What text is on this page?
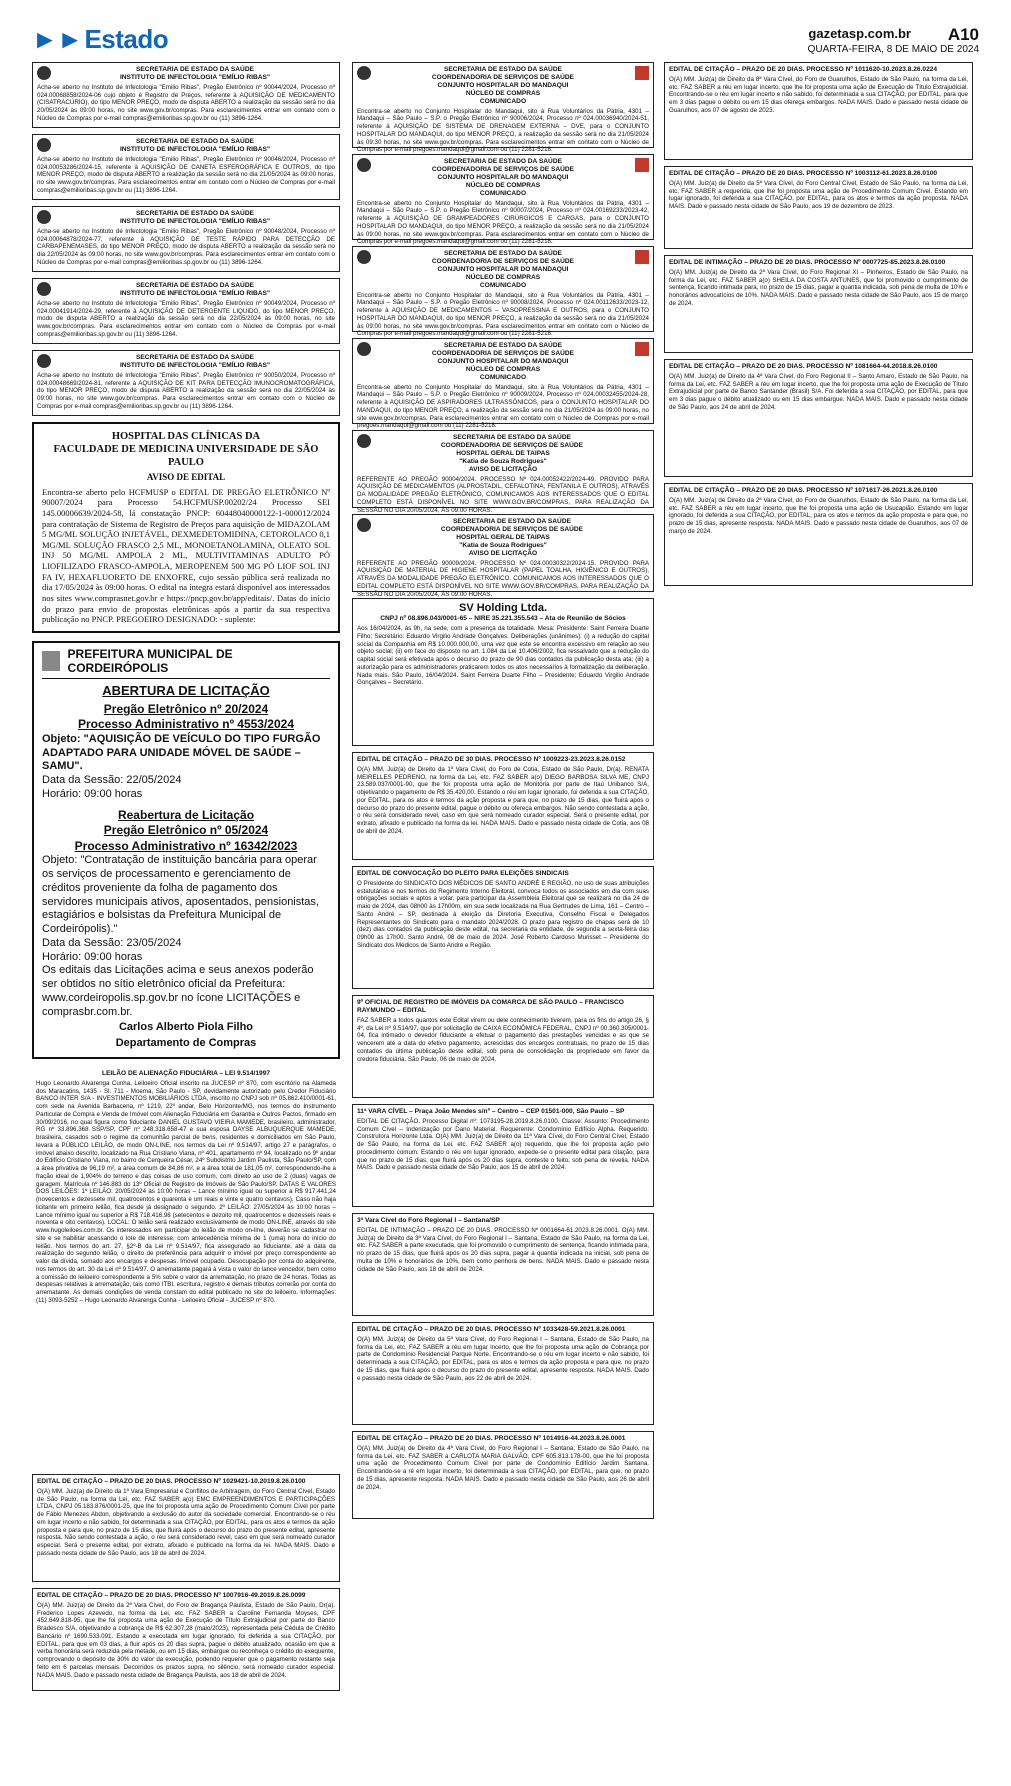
►►Estado	gazetasp.com.br A10
QUARTA-FEIRA, 8 DE MAIO DE 2024
SECRETARIA DE ESTADO DA SAÚDE
INSTITUTO DE INFECTOLOGIA "EMÍLIO RIBAS"
Acha-se aberto no Instituto de Infectologia "Emilio Ribas", Pregão Eletrônico nº 90044/2024, Processo nº 024.00068858/2024-06 cujo objeto é Registro de Preços, referente à AQUISIÇÃO DE MEDICAMENTO (CISATRACÚRIO), do tipo MENOR PREÇO, modo de disputa ABERTO a realização da sessão será no dia 20/05/2024 às 09:00 horas, no site www.gov.br/compras. Para esclarecimentos entrar em contato com o Núcleo de Compras por e-mail compras@emilioribas.sp.gov.br ou (11) 3896-1264.
SECRETARIA DE ESTADO DA SAÚDE
INSTITUTO DE INFECTOLOGIA "EMÍLIO RIBAS"
Acha-se aberto no Instituto de Infectologia "Emilio Ribas", Pregão Eletrônico nº 90046/2024, Processo nº 024.00053286/2024-15, referente à AQUISIÇÃO DE CANETA ESFEROGRÁFICA E OUTROS, do tipo MENOR PREÇO, modo de disputa ABERTO a realização da sessão será no dia 21/05/2024 às 09:00 horas, no site www.gov.br/compras. Para esclarecimentos entrar em contato com o Núcleo de Compras por e-mail compras@emilioribas.sp.gov.br ou (11) 3896-1264.
SECRETARIA DE ESTADO DA SAÚDE
INSTITUTO DE INFECTOLOGIA "EMÍLIO RIBAS"
Acha-se aberto no Instituto de Infectologia "Emilio Ribas", Pregão Eletrônico nº 90048/2024, Processo nº 024.00064878/2024-77, referente à AQUISIÇÃO DE TESTE RÁPIDO PARA DETECÇÃO DE CARBAPENEMASES, do tipo MENOR PREÇO, modo de disputa ABERTO a realização da sessão será no dia 22/05/2024 às 09:00 horas, no site www.gov.br/compras. Para esclarecimentos entrar em contato com o Núcleo de Compras por e-mail compras@emilioribas.sp.gov.br ou (11) 3896-1264.
SECRETARIA DE ESTADO DA SAÚDE
INSTITUTO DE INFECTOLOGIA "EMÍLIO RIBAS"
Acha-se aberto no Instituto de Infectologia "Emilio Ribas", Pregão Eletrônico nº 90049/2024, Processo nº 024.00041914/2024-29, referente à AQUISIÇÃO DE DETERGENTE LIQUIDO, do tipo MENOR PREÇO, modo de disputa ABERTO a realização da sessão será no dia 22/05/2024 às 09:00 horas, no site www.gov.br/compras. Para esclarecimentos entrar em contato com o Núcleo de Compras por e-mail compras@emilioribas.sp.gov.br ou (11) 3896-1264.
SECRETARIA DE ESTADO DA SAÚDE
INSTITUTO DE INFECTOLOGIA "EMÍLIO RIBAS"
Acha-se aberto no Instituto de Infectologia "Emilio Ribas", Pregão Eletrônico nº 90050/2024, Processo nº 024.00048669/2024-81, referente à AQUISIÇÃO DE KIT PARA DETECÇÃO IMUNOCROMATOGRÁFICA, do tipo MENOR PREÇO, modo de disputa ABERTO a realização da sessão será no dia 22/05/2024 às 09:00 horas, no site www.gov.br/compras. Para esclarecimentos entrar em contato com o Núcleo de Compras por e-mail compras@emilioribas.sp.gov.br ou (11) 3896-1264.
HOSPITAL DAS CLÍNICAS DA
FACULDADE DE MEDICINA UNIVERSIDADE DE SÃO PAULO
AVISO DE EDITAL
Encontra-se aberto pelo HCFMUSP o EDITAL DE PREGÃO ELETRÔNICO Nº 90007/2024 para Processo 54.HCFMUSP.00202/24 Processo SEI 145.00006639/2024-58, lá constatação PNCP: 60448040000122-1-000012/2024 para contratação de Sistema de Registro de Preços para aquisição de MIDAZOLAM 5 MG/ML SOLUÇÃO INJETÁVEL, DEXMEDETOMIDINA, CETOROLACO 0,1 MG/ML SOLUÇÃO FRASCO 2,5 ML, MONOETANOLAMINA, OLEATO SOL INJ 50 MG/ML AMPOLA 2 ML, MULTIVITAMINAS ADULTO PÓ LIOFILIZADO FRASCO-AMPOLA, MEROPENEM 500 MG PÓ LIOF SOL INJ FA IV, HEXAFLUORETO DE ENXOFRE, cujo sessão pública será realizada no dia 17/05/2024 às 09:00 horas. O edital na íntegra estará disponível aos interessados nos sites www.comprasnet.gov.br e https://pncp.gov.br/app/editais/. Datas do início do prazo para envio de propostas eletrônicas após a partir da sua respectiva publicação no PNCP. PREGOEIRO DESIGNADO: - suplente:
PREFEITURA MUNICIPAL DE CORDEIRÓPOLIS
ABERTURA DE LICITAÇÃO
Pregão Eletrônico nº 20/2024
Processo Administrativo nº 4553/2024
Objeto: "AQUISIÇÃO DE VEÍCULO DO TIPO FURGÃO ADAPTADO PARA UNIDADE MÓVEL DE SAÚDE – SAMU".
Data da Sessão: 22/05/2024
Horário: 09:00 horas
Reabertura de Licitação
Pregão Eletrônico nº 05/2024
Processo Administrativo nº 16342/2023
Objeto: "Contratação de instituição bancária para operar os serviços de processamento e gerenciamento de créditos proveniente da folha de pagamento dos servidores municipais ativos, aposentados, pensionistas, estagiários e bolsistas da Prefeitura Municipal de Cordeirópolis)."
Data da Sessão: 23/05/2024
Horário: 09:00 horas
Os editais das Licitações acima e seus anexos poderão ser obtidos no sítio eletrônico oficial da Prefeitura: www.cordeiropolis.sp.gov.br no ícone LICITAÇÕES e comprasbr.com.br.
Carlos Alberto Piola Filho
Departamento de Compras
LEILÃO DE ALIENAÇÃO FIDUCIÁRIA – LEI 9.514/1997
Hugo Leonardo Alvarenga Cunha, Leiloeiro Oficial inscrito na JUCESP nº 870, com escritório na Alameda dos Maracatins, 1435 - Sl. 711 - Moema, São Paulo - SP, devidamente autorizado pelo Credor Fiduciário BANCO INTER S/A - INVESTIMENTOS MOBILIÁRIOS LTDA, inscrito no CNPJ sob nº 05.862.410/0001-61, com sede na Avenida Barbacena, nº 1219, 22º andar, Belo Horizonte/MG, nos termos do Instrumento Particular de Compra e Venda de Imóvel com Alienação Fiduciária em Garantia e Outros Pactos, firmado em 30/09/2016, no qual figura como fiduciante DANIEL GUSTAVO VIEIRA MAMEDE, brasileiro, administrador, RG nº 33.896.368 SSP/SP, CPF nº 248.318.658-47 e sua esposa DAYSE ALBUQUERQUE MAMEDE, brasileira, casados sob o regime da comunhão parcial de bens, residentes e domiciliados em São Paulo, levará a PÚBLICO LEILÃO, de modo ON-LINE, nos termos da Lei nº 9.514/97, artigo 27 e parágrafos, o imóvel abaixo descrito, localizado na Rua Cristiano Viana, nº 401, apartamento nº 94, localizado no 9º andar do Edifício Cristiano Viana, no bairro de Cerqueira César, 24º Subdistrito Jardim Paulista, São Paulo/SP, com a área privativa de 96,19 m², a área comum de 84,86 m², e a área total de 181,05 m², correspondendo-lhe a fração ideal de 1,904% do terreno e das coisas de uso comum, com direito ao uso de 2 (duas) vagas de garagem. Matrícula nº 146.883 do 13º Oficial de Registro de Imóveis de São Paulo/SP. DATAS E VALORES DOS LEILÕES: 1º LEILÃO: 20/05/2024 às 10:00 horas – Lance mínimo igual ou superior a R$ 917.441,24 (novecentos e dezessete mil, quatrocentos e quarenta e um reais e vinte e quatro centavos). Caso não haja licitante em primeiro leilão, fica desde já designado o segundo. 2º LEILÃO: 27/05/2024 às 10:00 horas – Lance mínimo igual ou superior a R$ 718.416,98 (setecentos e dezoito mil, quatrocentos e dezesseis reais e noventa e oito centavos). LOCAL: O leilão será realizado exclusivamente de modo ON-LINE, através do site www.hugoleiloes.com.br. Os interessados em participar do leilão de modo on-line, deverão se cadastrar no site e se habilitar acessando o lote de interesse, com antecedência mínima de 1 (uma) hora do início do leilão. Nos termos do art. 27, §2º-B da Lei nº 9.514/97, fica assegurado ao fiduciante, até a data da realização do segundo leilão, o direito de preferência para adquirir o imóvel por preço correspondente ao valor da dívida, somado aos encargos e despesas. Imóvel ocupado. Desocupação por conta do adquirente, nos termos do art. 30 da Lei nº 9.514/97. O arrematante pagará à vista o valor do lance vencedor, bem como a comissão do leiloeiro correspondente a 5% sobre o valor da arrematação, no prazo de 24 horas. Todas as despesas relativas à arrematação, tais como ITBI, escritura, registro e demais tributos correrão por conta do arrematante. As demais condições de venda constam do edital publicado no site do leiloeiro. Informações: (11) 3093-5252 – Hugo Leonardo Alvarenga Cunha - Leiloeiro Oficial - JUCESP nº 870.
EDITAL DE CITAÇÃO – PRAZO DE 20 DIAS. PROCESSO Nº 1029421-10.2019.8.26.0100
O(A) MM. Juiz(a) de Direito da 1ª Vara Empresarial e Conflitos de Arbitragem, do Foro Central Cível, Estado de São Paulo, na forma da Lei, etc. FAZ SABER a(o) EMC EMPREENDIMENTOS E PARTICIPAÇÕES LTDA, CNPJ 05.183.876/0001-25, que lhe foi proposta uma ação de Procedimento Comum Cível por parte de Fábio Menezes Abdon, objetivando a exclusão do autor da sociedade comercial. Encontrando-se o réu em lugar incerto e não sabido, foi determinada a sua CITAÇÃO, por EDITAL, para os atos e termos da ação proposta e para que, no prazo de 15 dias, que fluirá após o decurso do prazo do presente edital, apresente resposta. Não sendo contestada a ação, o réu será considerado revel, caso em que será nomeado curador especial. Será o presente edital, por extrato, afixado e publicado na forma da lei. NADA MAIS. Dado e passado nesta cidade de São Paulo, aos 18 de abril de 2024.
EDITAL DE CITAÇÃO – PRAZO DE 20 DIAS. PROCESSO Nº 1007916-49.2019.8.26.0099
O(A) MM. Juiz(a) de Direito da 2ª Vara Cível, do Foro de Bragança Paulista, Estado de São Paulo, Dr(a). Frederico Lopes Azevedo, na forma da Lei, etc. FAZ SABER a Caroline Fernanda Moyses, CPF 452.649.818-95, que lhe foi proposta uma ação de Execução de Título Extrajudicial por parte do Banco Bradesco S/A, objetivando a cobrança de R$ 62.307,28 (maio/2023), representada pela Cédula de Crédito Bancário nº 1690.533.091. Estando a executada em lugar ignorado, foi deferida a sua CITAÇÃO, por EDITAL, para que em 03 dias, a fluir após os 20 dias supra, pague o débito atualizado, ocasião em que a verba honorária será reduzida pela metade, ou em 15 dias, embargue ou reconheça o crédito do exequente, comprovando o depósito de 30% do valor da execução, podendo requerer que o pagamento restante seja feito em 6 parcelas mensais. Decorridos os prazos supra, no silêncio, será nomeado curador especial. NADA MAIS. Dado e passado nesta cidade de Bragança Paulista, aos 18 de abril de 2024.
SECRETARIA DE ESTADO DA SAÚDE
COORDENADORIA DE SERVIÇOS DE SAÚDE
CONJUNTO HOSPITALAR DO MANDAQUI
NÚCLEO DE COMPRAS
COMUNICADO
Encontra-se aberto no Conjunto Hospitalar do Mandaqui, sito à Rua Voluntários da Pátria, 4301 – Mandaqui – São Paulo – S.P. o Pregão Eletrônico nº 90006/2024, Processo nº 024.00036940/2024-51, referente à AQUISIÇÃO DE SISTEMA DE DRENAGEM EXTERNA – DVE, para o CONJUNTO HOSPITALAR DO MANDAQUI, do tipo MENOR PREÇO, a realização da sessão será no dia 21/05/2024 às 09:30 horas, no site www.gov.br/compras. Para esclarecimentos entrar em contato com o Núcleo de Compras por e-mail pregoes.mandaqui@gmail.com ou (11) 2281-5218.
SECRETARIA DE ESTADO DA SAÚDE
COORDENADORIA DE SERVIÇOS DE SAÚDE
CONJUNTO HOSPITALAR DO MANDAQUI
NÚCLEO DE COMPRAS
COMUNICADO
Encontra-se aberto no Conjunto Hospitalar do Mandaqui, sito à Rua Voluntários da Pátria, 4301 – Mandaqui – São Paulo – S.P. o Pregão Eletrônico nº 90007/2024, Processo nº 024.00169233/2023-42, referente à AQUISIÇÃO DE GRAMPEADORES CIRÚRGICOS E CARGAS, para o CONJUNTO HOSPITALAR DO MANDAQUI, do tipo MENOR PREÇO, a realização da sessão será no dia 21/05/2024 às 09:00 horas, no site www.gov.br/compras. Para esclarecimentos entrar em contato com o Núcleo de Compras por e-mail pregoes.mandaqui@gmail.com ou (11) 2281-5218.
SECRETARIA DE ESTADO DA SAÚDE
COORDENADORIA DE SERVIÇOS DE SAÚDE
CONJUNTO HOSPITALAR DO MANDAQUI
NÚCLEO DE COMPRAS
COMUNICADO
Encontra-se aberto no Conjunto Hospitalar do Mandaqui, sito à Rua Voluntários da Pátria, 4301 – Mandaqui – São Paulo – S.P. o Pregão Eletrônico nº 90008/2024, Processo nº 024.00112633/2023-12, referente à AQUISIÇÃO DE MEDICAMENTOS – VASOPRESSINA E OUTROS, para o CONJUNTO HOSPITALAR DO MANDAQUI, do tipo MENOR PREÇO, a realização da sessão será no dia 21/05/2024 às 09:00 horas, no site www.gov.br/compras. Para esclarecimentos entrar em contato com o Núcleo de Compras por e-mail pregoes.mandaqui@gmail.com ou (11) 2281-5218.
SECRETARIA DE ESTADO DA SAÚDE
COORDENADORIA DE SERVIÇOS DE SAÚDE
CONJUNTO HOSPITALAR DO MANDAQUI
NÚCLEO DE COMPRAS
COMUNICADO
Encontra-se aberto no Conjunto Hospitalar do Mandaqui, sito à Rua Voluntários da Pátria, 4301 – Mandaqui – São Paulo – S.P. o Pregão Eletrônico nº 90009/2024, Processo nº 024.00032455/2024-28, referente à AQUISIÇÃO DE ASPIRADORES ULTRASSÔNICOS, para o CONJUNTO HOSPITALAR DO MANDAQUI, do tipo MENOR PREÇO, a realização da sessão será no dia 21/05/2024 às 09:00 horas, no site www.gov.br/compras. Para esclarecimentos entrar em contato com o Núcleo de Compras por e-mail pregoes.mandaqui@gmail.com ou (11) 2281-5218.
SECRETARIA DE ESTADO DA SAÚDE
COORDENADORIA DE SERVIÇOS DE SAÚDE
HOSPITAL GERAL DE TAIPAS
"Katia de Souza Rodrigues"
AVISO DE LICITAÇÃO
REFERENTE AO PREGÃO 90004/2024. PROCESSO Nº 024.00052422/2024-49. PROVIDO PARA AQUISIÇÃO DE MEDICAMENTOS (ALPROSTADIL, CEFALOTINA, FENTANILA E OUTROS), ATRAVÉS DA MODALIDADE PREGÃO ELETRÔNICO, COMUNICAMOS AOS INTERESSADOS QUE O EDITAL COMPLETO ESTÁ DISPONÍVEL NO SITE WWW.GOV.BR/COMPRAS, PARA REALIZAÇÃO DA SESSÃO NO DIA 20/05/2024, ÀS 09:00 HORAS.
SECRETARIA DE ESTADO DA SAÚDE
COORDENADORIA DE SERVIÇOS DE SAÚDE
HOSPITAL GERAL DE TAIPAS
"Katia de Souza Rodrigues"
AVISO DE LICITAÇÃO
REFERENTE AO PREGÃO 90009/2024. PROCESSO Nº 024.00030322/2024-15. PROVIDO PARA AQUISIÇÃO DE MATERIAL DE HIGIENE HOSPITALAR (PAPEL TOALHA, HIGIÊNICO E OUTROS), ATRAVÉS DA MODALIDADE PREGÃO ELETRÔNICO. COMUNICAMOS AOS INTERESSADOS QUE O EDITAL COMPLETO ESTÁ DISPONÍVEL NO SITE WWW.GOV.BR/COMPRAS, PARA REALIZAÇÃO DA SESSÃO NO DIA 20/05/2024, ÀS 09:00 HORAS.
SV Holding Ltda.
CNPJ nº 08.896.043/0001-65 – NIRE 35.221.355.543 – Ata de Reunião de Sócios
Aos 16/04/2024, às 9h, na sede, com a presença da totalidade. Mesa: Presidente: Saint Ferreira Duarte Filho; Secretário: Eduardo Virgilio Andrade Gonçalves. Deliberações (unânimes): (i) a redução do capital social da Companhia em R$ 10.000.000,00, uma vez que este se encontra excessivo em relação ao seu objeto social; (ii) em face do disposto no art. 1.084 da Lei 10.406/2002, fica ressalvado que a redução do capital social será efetivada após o decurso do prazo de 90 dias contados da publicação desta ata; (iii) a autorização para os administradores praticarem todos os atos necessários à formalização da deliberação. Nada mais. São Paulo, 16/04/2024. Saint Ferreira Duarte Filho – Presidente; Eduardo Virgilio Andrade Gonçalves – Secretário.
EDITAL DE CITAÇÃO – PRAZO DE 30 DIAS. PROCESSO Nº 1009223-23.2023.8.26.0152
O(A) MM. Juiz(a) de Direito da 1ª Vara Cível, do Foro de Cotia, Estado de São Paulo, Dr(a). RENATA MEIRELLES PEDRENO, na forma da Lei, etc. FAZ SABER a(o) DIEGO BARBOSA SILVA ME, CNPJ 23.589.037/0001-90, que lhe foi proposta uma ação de Monitória por parte de Itaú Unibanco S/A, objetivando o pagamento de R$ 35.420,00. Estando o réu em lugar ignorado, foi deferida a sua CITAÇÃO, por EDITAL, para os atos e termos da ação proposta e para que, no prazo de 15 dias, que fluirá após o decurso do prazo do presente edital, pague o débito ou ofereça embargos. Não sendo contestada a ação, o réu será considerado revel, caso em que será nomeado curador especial. Será o presente edital, por extrato, afixado e publicado na forma da lei. NADA MAIS. Dado e passado nesta cidade de Cotia, aos 08 de abril de 2024.
EDITAL DE CONVOCAÇÃO DO PLEITO PARA ELEIÇÕES SINDICAIS
O Presidente do SINDICATO DOS MÉDICOS DE SANTO ANDRÉ E REGIÃO, no uso de suas atribuições estatutárias e nos termos do Regimento Interno Eleitoral, convoca todos os associados em dia com suas obrigações sociais e aptos a votar, para participar da Assembleia Eleitoral que se realizará no dia 24 de maio de 2024, das 08h00 às 17h00m, em sua sede localizada na Rua Gertrudes de Lima, 161 – Centro – Santo André – SP, destinada à eleição da Diretoria Executiva, Conselho Fiscal e Delegados Representantes do Sindicato para o mandato 2024/2028. O prazo para registro de chapas será de 10 (dez) dias contados da publicação deste edital, na secretaria da entidade, de segunda a sexta-feira das 09h00 às 17h00. Santo André, 08 de maio de 2024. José Roberto Cardoso Murisset – Presidente do Sindicato dos Médicos de Santo André e Região.
9º OFICIAL DE REGISTRO DE IMÓVEIS DA COMARCA DE SÃO PAULO – FRANCISCO RAYMUNDO – EDITAL
FAZ SABER a todos quantos este Edital virem ou dele conhecimento tiverem, para os fins do artigo 26, § 4º, da Lei nº 9.514/97, que por solicitação de CAIXA ECONÔMICA FEDERAL, CNPJ nº 00.360.305/0001-04, fica intimado o devedor fiduciante a efetuar o pagamento das prestações vencidas e as que se vencerem até a data do efetivo pagamento, acrescidas dos encargos contratuais, no prazo de 15 dias contados da última publicação deste edital, sob pena de consolidação da propriedade em favor da credora fiduciária. São Paulo, 06 de maio de 2024.
11ª VARA CÍVEL – Praça João Mendes s/nº – Centro – CEP 01501-000, São Paulo – SP
EDITAL DE CITAÇÃO. Processo Digital nº: 1073195-28.2019.8.26.0100. Classe: Assunto: Procedimento Comum Cível – Indenização por Dano Material. Requerente: Condomínio Edifício Alpha. Requerido: Construtora Horizonte Ltda. O(A) MM. Juiz(a) de Direito da 11ª Vara Cível, do Foro Central Cível, Estado de São Paulo, na forma da Lei, etc. FAZ SABER a(o) requerido, que lhe foi proposta ação pelo procedimento comum. Estando o réu em lugar ignorado, expede-se o presente edital para citação, para que no prazo de 15 dias, que fluirá após os 20 dias supra, conteste o feito, sob pena de revelia. NADA MAIS. Dado e passado nesta cidade de São Paulo, aos 15 de abril de 2024.
3ª Vara Cível do Foro Regional I – Santana/SP
EDITAL DE INTIMAÇÃO – PRAZO DE 20 DIAS. PROCESSO Nº 0001664-61.2023.8.26.0001. O(A) MM. Juiz(a) de Direito da 3ª Vara Cível, do Foro Regional I – Santana, Estado de São Paulo, na forma da Lei, etc. FAZ SABER a parte executada, que foi promovido o cumprimento de sentença, ficando intimada para, no prazo de 15 dias, que fluirá após os 20 dias supra, pagar a quantia indicada na inicial, sob pena de multa de 10% e honorários de 10%, bem como penhora de bens. NADA MAIS. Dado e passado nesta cidade de São Paulo, aos 18 de abril de 2024.
EDITAL DE CITAÇÃO – PRAZO DE 20 DIAS. PROCESSO Nº 1033428-59.2021.8.26.0001
O(A) MM. Juiz(a) de Direito da 5ª Vara Cível, do Foro Regional I – Santana, Estado de São Paulo, na forma da Lei, etc. FAZ SABER a réu em lugar incerto, que lhe foi proposta uma ação de Cobrança por parte de Condomínio Residencial Parque Norte. Encontrando-se o réu em lugar incerto e não sabido, foi determinada a sua CITAÇÃO, por EDITAL, para os atos e termos da ação proposta e para que, no prazo de 15 dias, que fluirá após o decurso do prazo do presente edital, apresente resposta. NADA MAIS. Dado e passado nesta cidade de São Paulo, aos 22 de abril de 2024.
EDITAL DE CITAÇÃO – PRAZO DE 20 DIAS. PROCESSO Nº 1014916-44.2023.8.26.0001
O(A) MM. Juiz(a) de Direito da 4ª Vara Cível, do Foro Regional I – Santana, Estado de São Paulo, na forma da Lei, etc. FAZ SABER a CARLOTA MARIA GALVÃO, CPF 605.813.178-00, que lhe foi proposta uma ação de Procedimento Comum Cível por parte de Condomínio Edifício Jardim Santana. Encontrando-se a ré em lugar incerto, foi determinada a sua CITAÇÃO, por EDITAL, para que, no prazo de 15 dias, apresente resposta. NADA MAIS. Dado e passado nesta cidade de São Paulo, aos 26 de abril de 2024.
EDITAL DE CITAÇÃO – PRAZO DE 20 DIAS. PROCESSO Nº 1011620-10.2023.8.26.0224
O(A) MM. Juiz(a) de Direito da 8ª Vara Cível, do Foro de Guarulhos, Estado de São Paulo, na forma da Lei, etc. FAZ SABER a réu em lugar incerto, que lhe foi proposta uma ação de Execução de Título Extrajudicial. Encontrando-se o réu em lugar incerto e não sabido, foi determinada a sua CITAÇÃO, por EDITAL, para que em 3 dias pague o débito ou em 15 dias ofereça embargos. NADA MAIS. Dado e passado nesta cidade de Guarulhos, aos 07 de agosto de 2023.
EDITAL DE CITAÇÃO – PRAZO DE 20 DIAS. PROCESSO Nº 1003112-61.2023.8.26.0100
O(A) MM. Juiz(a) de Direito da 5ª Vara Cível, do Foro Central Cível, Estado de São Paulo, na forma da Lei, etc. FAZ SABER a requerida, que lhe foi proposta uma ação de Procedimento Comum Cível. Estando em lugar ignorado, foi deferida a sua CITAÇÃO, por EDITAL, para os atos e termos da ação proposta. NADA MAIS. Dado e passado nesta cidade de São Paulo, aos 19 de dezembro de 2023.
EDITAL DE INTIMAÇÃO – PRAZO DE 20 DIAS. PROCESSO Nº 0007725-85.2023.8.26.0100
O(A) MM. Juiz(a) de Direito da 2ª Vara Cível, do Foro Regional XI – Pinheiros, Estado de São Paulo, na forma da Lei, etc. FAZ SABER a(o) SHEILA DA COSTA ANTUNES, que foi promovido o cumprimento de sentença, ficando intimada para, no prazo de 15 dias, pagar a quantia indicada, sob pena de multa de 10% e honorários advocatícios de 10%. NADA MAIS. Dado e passado nesta cidade de São Paulo, aos 15 de março de 2024.
EDITAL DE CITAÇÃO – PRAZO DE 20 DIAS. PROCESSO Nº 1081664-44.2018.8.26.0100
O(A) MM. Juiz(a) de Direito da 4ª Vara Cível, do Foro Regional II – Santo Amaro, Estado de São Paulo, na forma da Lei, etc. FAZ SABER a réu em lugar incerto, que lhe foi proposta uma ação de Execução de Título Extrajudicial por parte de Banco Santander (Brasil) S/A. Foi deferida a sua CITAÇÃO, por EDITAL, para que em 3 dias pague o débito atualizado ou em 15 dias embargue. NADA MAIS. Dado e passado nesta cidade de São Paulo, aos 24 de abril de 2024.
EDITAL DE CITAÇÃO – PRAZO DE 20 DIAS. PROCESSO Nº 1071617-26.2021.8.26.0100
O(A) MM. Juiz(a) de Direito da 2ª Vara Cível, do Foro de Guarulhos, Estado de São Paulo, na forma da Lei, etc. FAZ SABER a réu em lugar incerto, que lhe foi proposta uma ação de Usucapião. Estando em lugar ignorado, foi deferida a sua CITAÇÃO, por EDITAL, para os atos e termos da ação proposta e para que, no prazo de 15 dias, apresente resposta. NADA MAIS. Dado e passado nesta cidade de Guarulhos, aos 07 de março de 2024.
